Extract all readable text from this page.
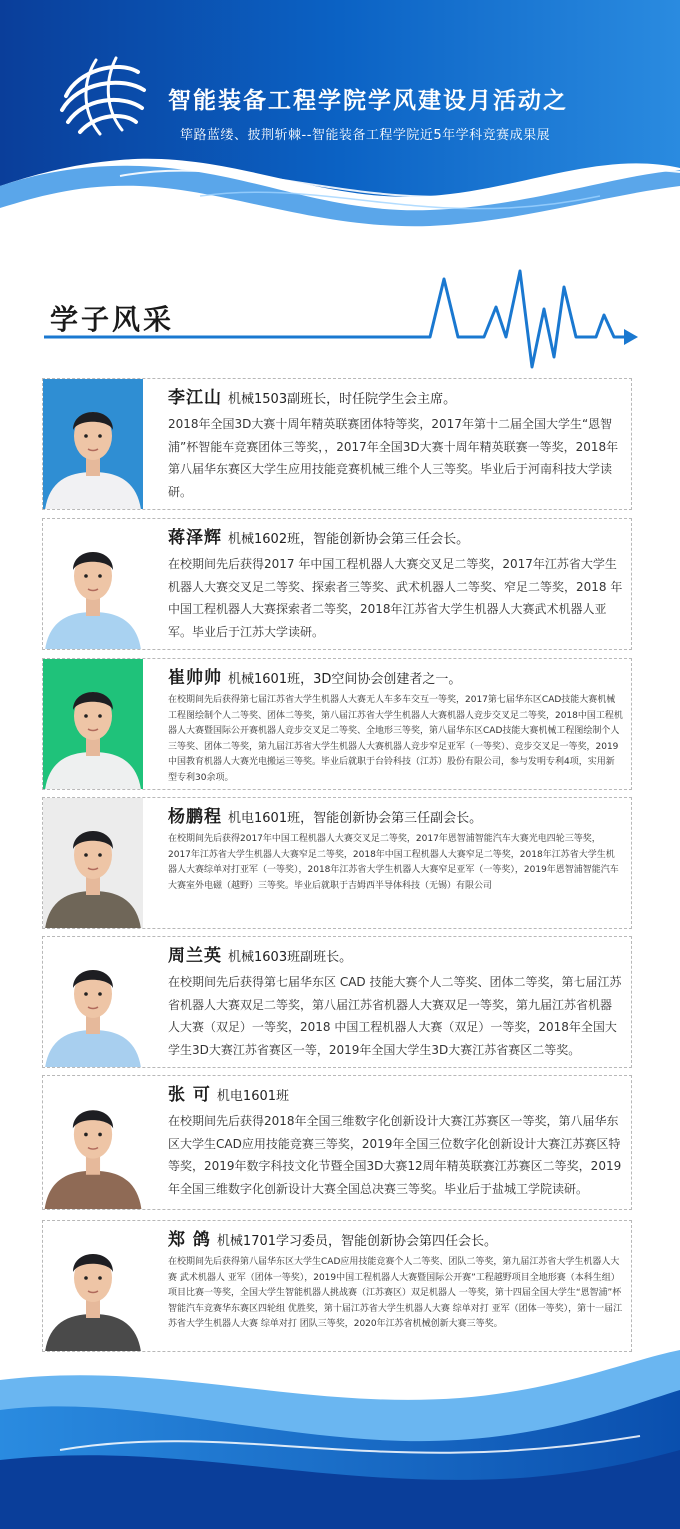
智能装备工程学院学风建设月活动之
筚路蓝缕、披荆斩棘--智能装备工程学院近5年学科竞赛成果展
学子风采
李江山 机械1503副班长，时任院学生会主席。
2018年全国3D大赛十周年精英联赛团体特等奖，2017年第十二届全国大学生“恩智浦”杯智能车竞赛团体三等奖，，2017年全国3D大赛十周年精英联赛一等奖，2018年第八届华东赛区大学生应用技能竞赛机械三维个人三等奖。毕业后于河南科技大学读研。
蒋泽辉 机械1602班，智能创新协会第三任会长。
在校期间先后获得2017 年中国工程机器人大赛交叉足二等奖，2017年江苏省大学生机器人大赛交叉足二等奖、探索者三等奖、武术机器人二等奖、窄足二等奖，2018 年中国工程机器人大赛探索者二等奖，2018年江苏省大学生机器人大赛武术机器人亚军。毕业后于江苏大学读研。
崔帅帅 机械1601班，3D空间协会创建者之一。
在校期间先后获得第七届江苏省大学生机器人大赛无人车多车交互一等奖，2017第七届华东区CAD技能大赛机械工程图绘制个人二等奖、团体二等奖，第八届江苏省大学生机器人大赛机器人竞步交叉足二等奖，2018中国工程机器人大赛暨国际公开赛机器人竞步交叉足二等奖、全地形三等奖，第八届华东区CAD技能大赛机械工程图绘制个人三等奖、团体二等奖，第九届江苏省大学生机器人大赛机器人竞步窄足亚军（一等奖）、竞步交叉足一等奖，2019中国教育机器人大赛光电搬运三等奖。毕业后就职于台铃科技（江苏）股份有限公司，参与发明专利4项，实用新型专利30余项。
杨鹏程 机电1601班，智能创新协会第三任副会长。
在校期间先后获得2017年中国工程机器人大赛交叉足二等奖，2017年恩智浦智能汽车大赛光电四轮三等奖，2017年江苏省大学生机器人大赛窄足二等奖，2018年中国工程机器人大赛窄足二等奖，2018年江苏省大学生机器人大赛综单对打亚军（一等奖），2018年江苏省大学生机器人大赛窄足亚军（一等奖），2019年恩智浦智能汽车大赛室外电磁（越野）三等奖。毕业后就职于吉姆西半导体科技（无锡）有限公司
周兰英 机械1603班副班长。
在校期间先后获得第七届华东区 CAD 技能大赛个人二等奖、团体二等奖，第七届江苏省机器人大赛双足二等奖，第八届江苏省机器人大赛双足一等奖，第九届江苏省机器人大赛（双足）一等奖，2018 中国工程机器人大赛（双足）一等奖，2018年全国大学生3D大赛江苏省赛区一等，2019年全国大学生3D大赛江苏省赛区二等奖。
张 可 机电1601班
在校期间先后获得2018年全国三维数字化创新设计大赛江苏赛区一等奖，第八届华东区大学生CAD应用技能竞赛三等奖，2019年全国三位数字化创新设计大赛江苏赛区特等奖，2019年数字科技文化节暨全国3D大赛12周年精英联赛江苏赛区二等奖，2019年全国三维数字化创新设计大赛全国总决赛三等奖。毕业后于盐城工学院读研。
郑 鸽 机械1701学习委员，智能创新协会第四任会长。
在校期间先后获得第八届华东区大学生CAD应用技能竞赛个人二等奖、团队二等奖，第九届江苏省大学生机器人大赛 武术机器人 亚军（团体一等奖），2019中国工程机器人大赛暨国际公开赛”工程越野项目全地形赛（本科生组）项目比赛一等奖，全国大学生智能机器人挑战赛（江苏赛区）双足机器人 一等奖，第十四届全国大学生“恩智浦”杯智能汽车竞赛华东赛区四轮组 优胜奖，第十届江苏省大学生机器人大赛 综单对打 亚军（团体一等奖），第十一届江苏省大学生机器人大赛 综单对打 团队三等奖，2020年江苏省机械创新大赛三等奖。
